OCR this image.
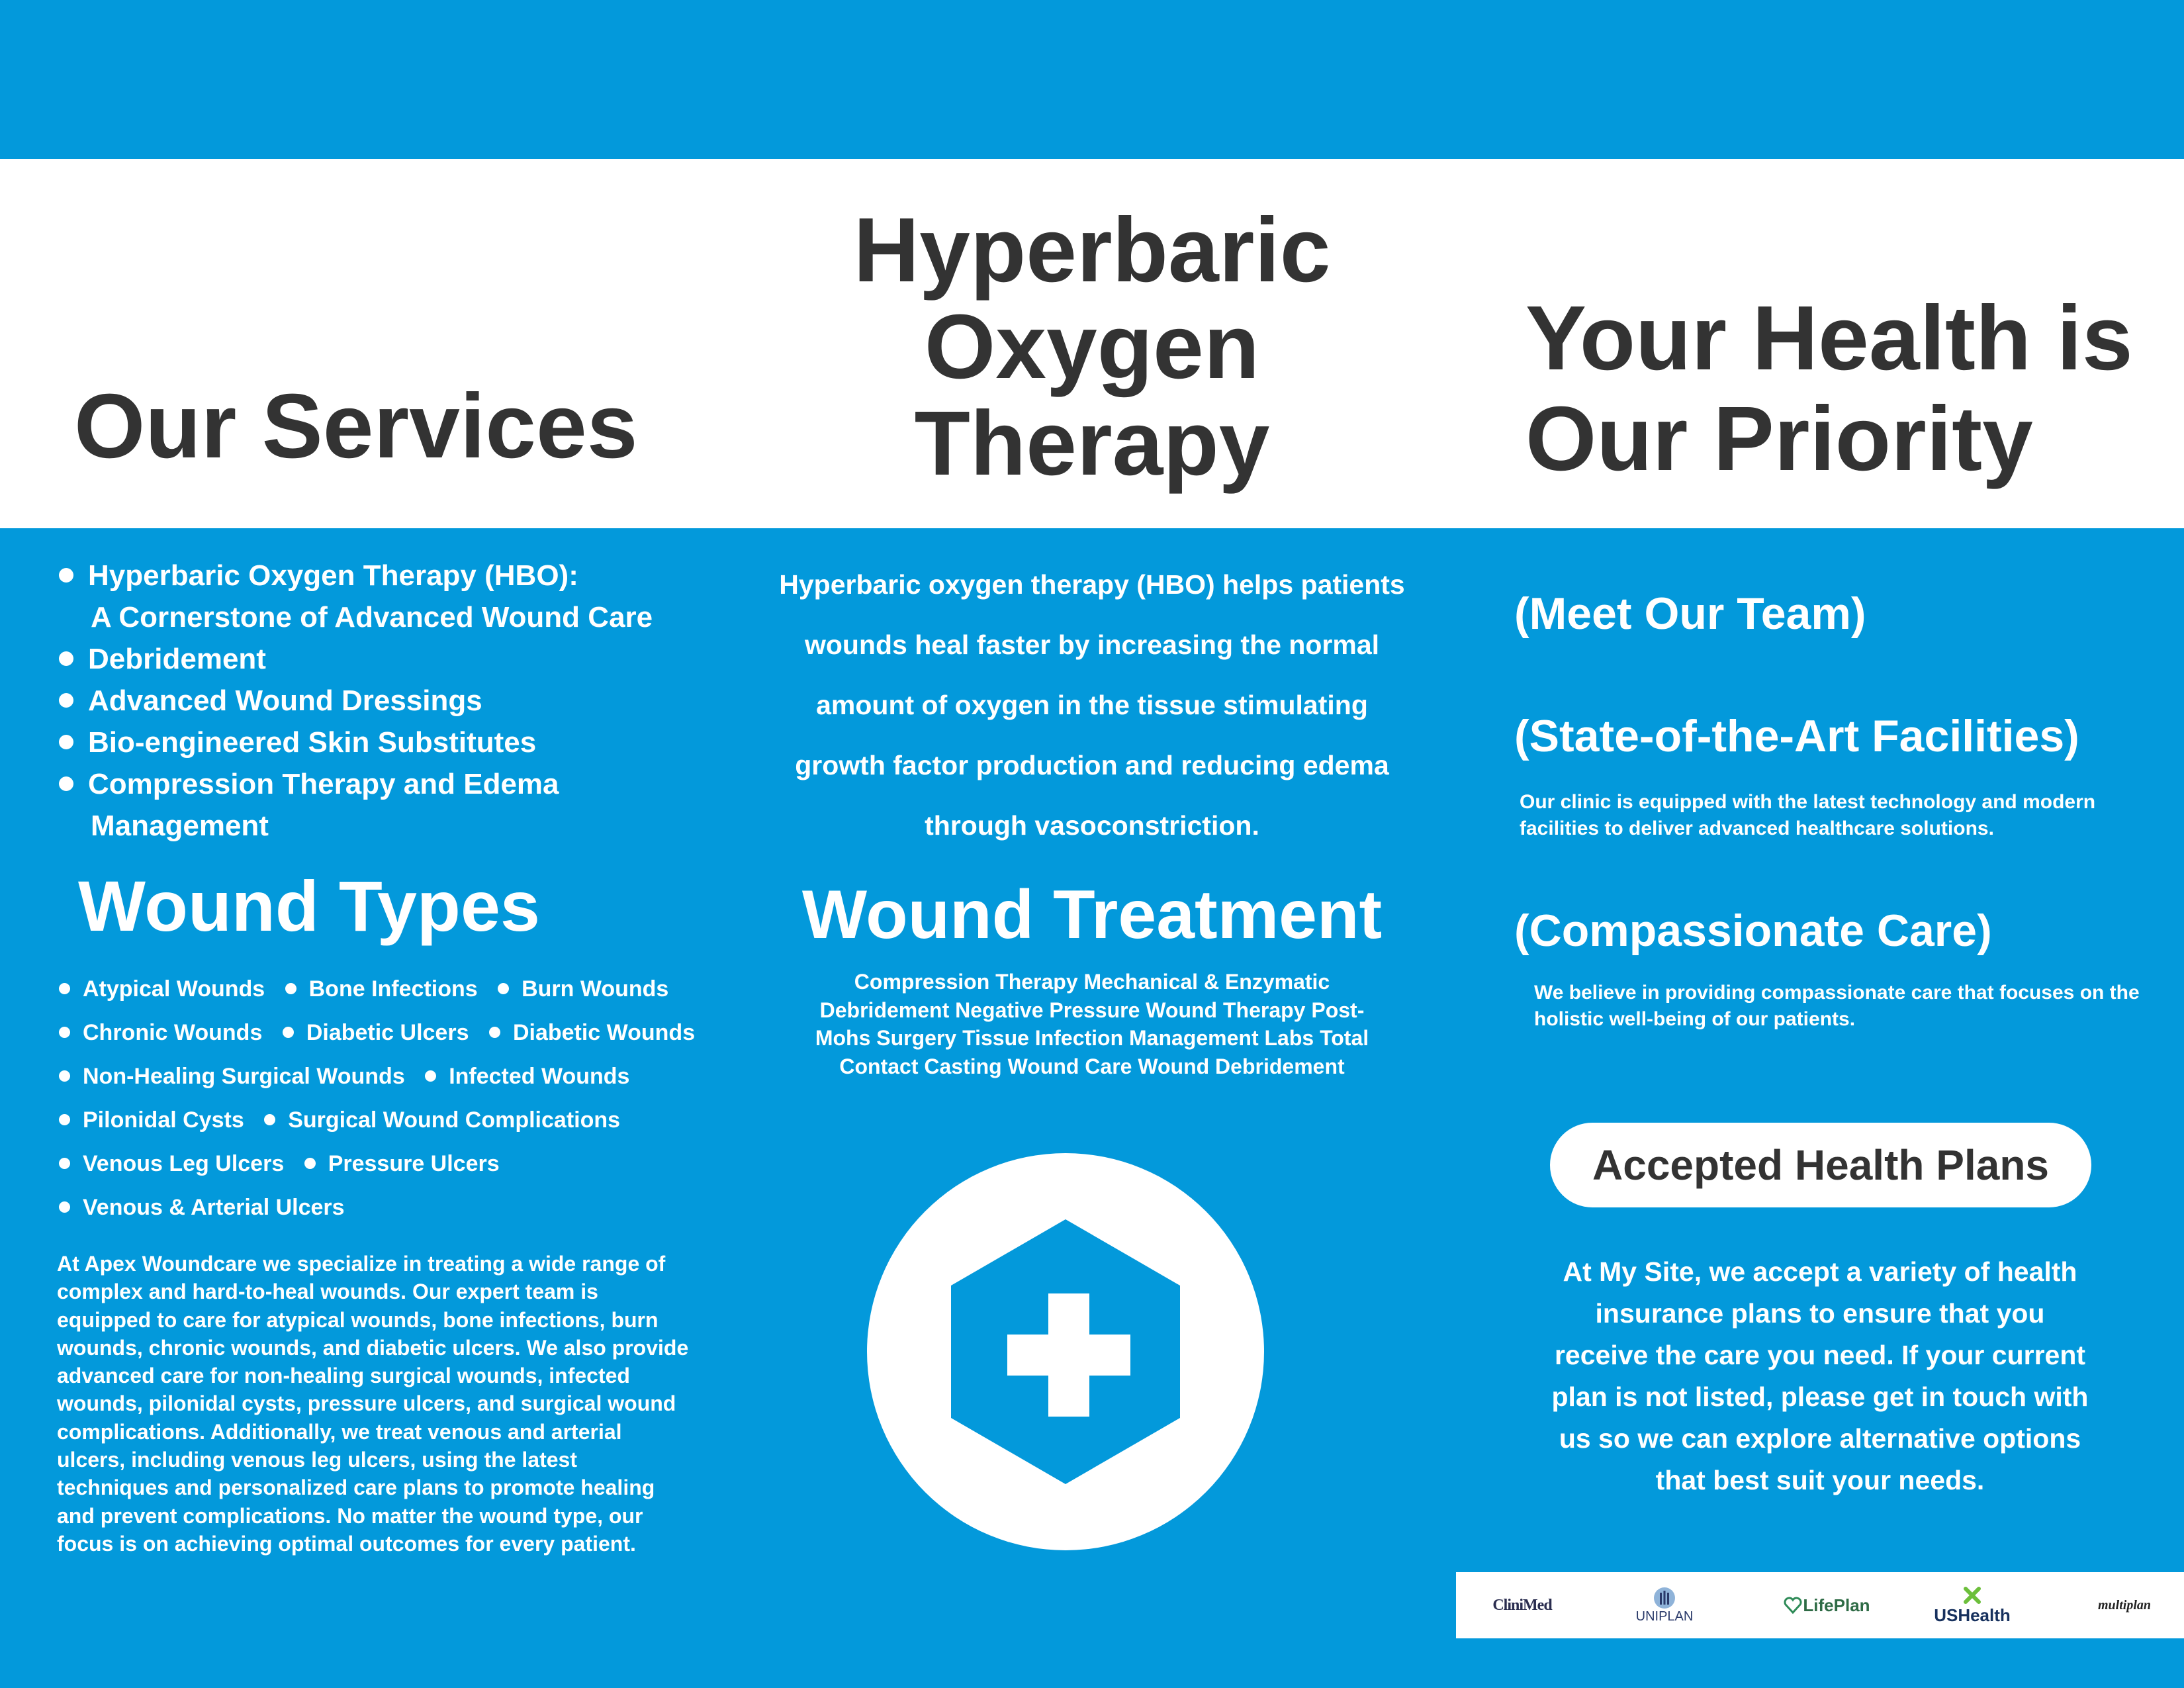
Our Services
Hyperbaric Oxygen Therapy
Your Health is Our Priority
Hyperbaric Oxygen Therapy (HBO):
A Cornerstone of Advanced Wound Care
Debridement
Advanced Wound Dressings
Bio-engineered Skin Substitutes
Compression Therapy and Edema
Management
Wound Types
Atypical Wounds Bone Infections Burn Wounds
Chronic Wounds Diabetic Ulcers Diabetic Wounds
Non-Healing Surgical Wounds Infected Wounds
Pilonidal Cysts Surgical Wound Complications
Venous Leg Ulcers Pressure Ulcers
Venous & Arterial Ulcers
At Apex Woundcare we specialize in treating a wide range of complex and hard-to-heal wounds. Our expert team is equipped to care for atypical wounds, bone infections, burn wounds, chronic wounds, and diabetic ulcers. We also provide advanced care for non-healing surgical wounds, infected wounds, pilonidal cysts, pressure ulcers, and surgical wound complications. Additionally, we treat venous and arterial ulcers, including venous leg ulcers, using the latest techniques and personalized care plans to promote healing and prevent complications. No matter the wound type, our focus is on achieving optimal outcomes for every patient.
Hyperbaric oxygen therapy (HBO) helps patients wounds heal faster by increasing the normal amount of oxygen in the tissue stimulating growth factor production and reducing edema through vasoconstriction.
Wound Treatment
Compression Therapy Mechanical & Enzymatic Debridement Negative Pressure Wound Therapy Post-Mohs Surgery Tissue Infection Management Labs Total Contact Casting Wound Care Wound Debridement
(Meet Our Team)
(State-of-the-Art Facilities)
Our clinic is equipped with the latest technology and modern facilities to deliver advanced healthcare solutions.
(Compassionate Care)
We believe in providing compassionate care that focuses on the holistic well-being of our patients.
Accepted Health Plans
At My Site, we accept a variety of health insurance plans to ensure that you receive the care you need. If your current plan is not listed, please get in touch with us so we can explore alternative options that best suit your needs.
CliniMed
UNIPLAN
LifePlan	USHealth	multiplan
